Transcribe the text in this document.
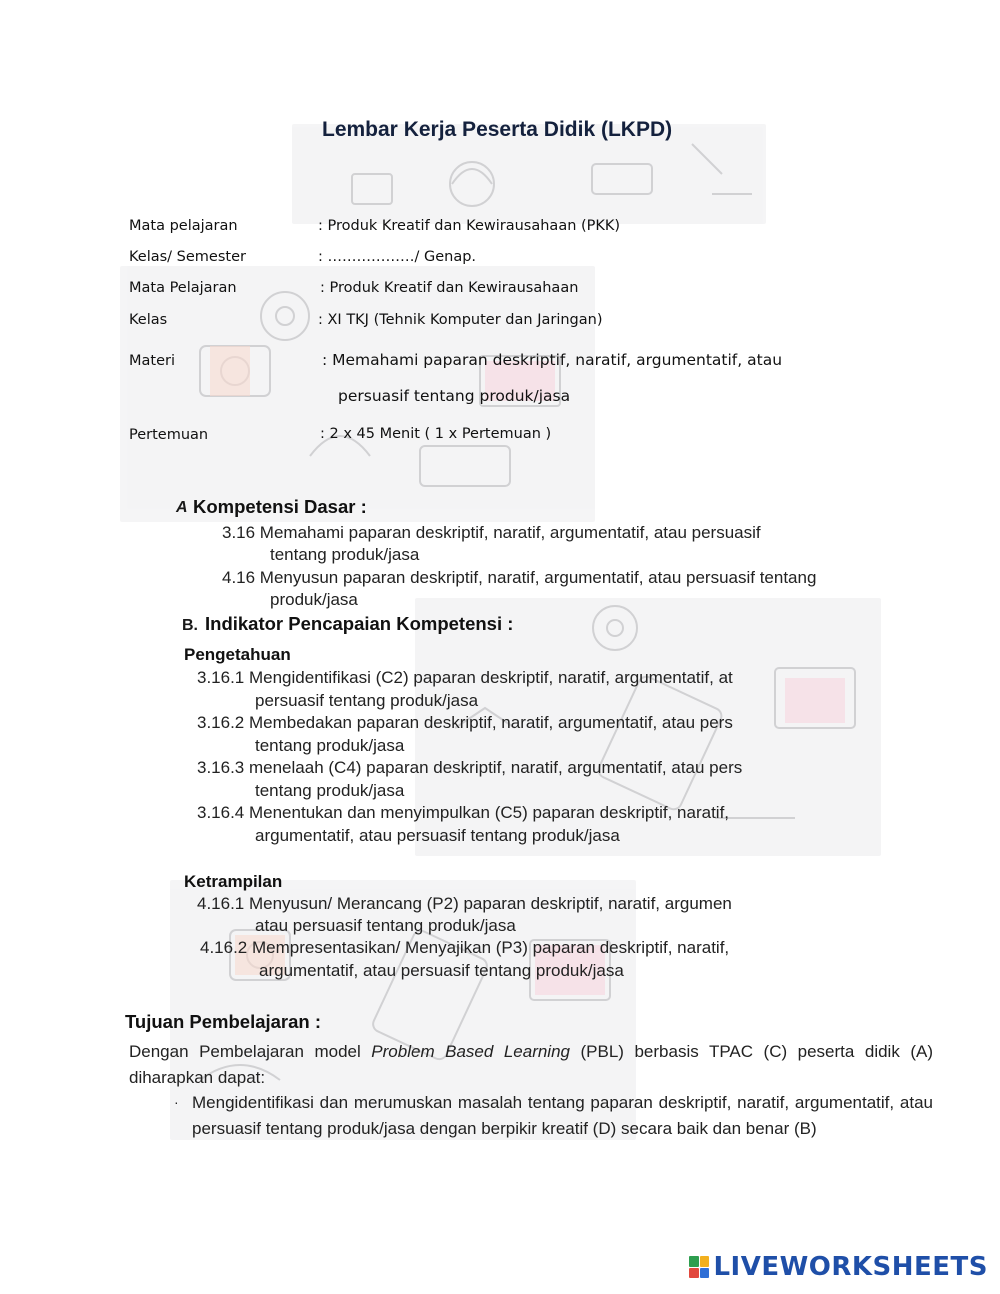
Lembar Kerja Peserta Didik (LKPD)
Mata pelajaran	: Produk Kreatif dan Kewirausahaan (PKK)
Kelas/ Semester	: ………………/ Genap.
Mata Pelajaran	: Produk Kreatif dan Kewirausahaan
Kelas	: XI TKJ (Tehnik Komputer dan Jaringan)
Materi	: Memahami paparan deskriptif, naratif, argumentatif, atau
persuasif tentang produk/jasa
Pertemuan	: 2 x 45 Menit ( 1 x Pertemuan )
A Kompetensi Dasar :
3.16 Memahami paparan deskriptif, naratif, argumentatif, atau persuasif
tentang produk/jasa
4.16 Menyusun paparan deskriptif, naratif, argumentatif, atau persuasif tentang
produk/jasa
B. Indikator Pencapaian Kompetensi :
Pengetahuan
3.16.1 Mengidentifikasi (C2) paparan deskriptif, naratif, argumentatif, at
persuasif tentang produk/jasa
3.16.2 Membedakan paparan deskriptif, naratif, argumentatif, atau pers
tentang produk/jasa
3.16.3 menelaah (C4) paparan deskriptif, naratif, argumentatif, atau pers
tentang produk/jasa
3.16.4 Menentukan dan menyimpulkan (C5) paparan deskriptif, naratif,
argumentatif, atau persuasif tentang produk/jasa
Ketrampilan
4.16.1 Menyusun/ Merancang (P2) paparan deskriptif, naratif, argumen
atau persuasif tentang produk/jasa
4.16.2 Mempresentasikan/ Menyajikan (P3) paparan deskriptif, naratif,
argumentatif, atau persuasif tentang produk/jasa
Tujuan Pembelajaran :
Dengan Pembelajaran model Problem Based Learning (PBL) berbasis TPAC (C) peserta didik (A) diharapkan dapat:
· Mengidentifikasi dan merumuskan masalah tentang paparan deskriptif, naratif, argumentatif, atau persuasif tentang produk/jasa dengan berpikir kreatif (D) secara baik dan benar (B)
LIVEWORKSHEETS
